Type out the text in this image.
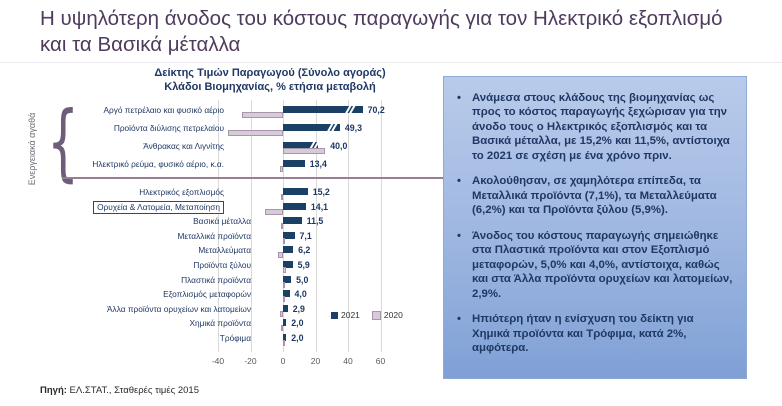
Η υψηλότερη άνοδος του κόστους παραγωγής για τον Ηλεκτρικό εξοπλισμό και τα Βασικά μέταλλα
Δείκτης Τιμών Παραγωγού (Σύνολο αγοράς)
Κλάδοι Βιομηχανίας, % ετήσια μεταβολή
Ενεργειακά αγαθά
{
Αργό πετρέλαιο και φυσικό αέριο	70,2
Προϊόντα διύλισης πετρελαίου	49,3
Άνθρακας και Λιγνίτης	40,0
Ηλεκτρικό ρεύμα, φυσικό αέριο, κ.α.	13,4
Ηλεκτρικός εξοπλισμός	15,2
Ορυχεία & Λατομεία, Μεταποίηση	14,1
Βασικά μέταλλα	11,5
Μεταλλικά προϊόντα	7,1
Μεταλλεύματα	6,2
Προϊόντα ξύλου	5,9
Πλαστικά προϊόντα	5,0
Εξοπλισμός μεταφορών	4,0
Άλλα προϊόντα ορυχείων και λατομείων	2,9
Χημικά προϊόντα	2,0
Τρόφιμα	2,0
-40	-20	0	20	40	60
2021	2020
Πηγή: ΕΛ.ΣΤΑΤ., Σταθερές τιμές 2015
• Ανάμεσα στους κλάδους της βιομηχανίας ως προς το κόστος παραγωγής ξεχώρισαν για την άνοδο τους ο Ηλεκτρικός εξοπλισμός και τα Βασικά μέταλλα, με 15,2% και 11,5%, αντίστοιχα το 2021 σε σχέση με ένα χρόνο πριν.
• Ακολούθησαν, σε χαμηλότερα επίπεδα, τα Μεταλλικά προϊόντα (7,1%), τα Μεταλλεύματα (6,2%) και τα Προϊόντα ξύλου (5,9%).
• Άνοδος του κόστους παραγωγής σημειώθηκε στα Πλαστικά προϊόντα και στον Εξοπλισμό μεταφορών, 5,0% και 4,0%, αντίστοιχα, καθώς και στα Άλλα προϊόντα ορυχείων και λατομείων, 2,9%.
• Ηπιότερη ήταν η ενίσχυση του δείκτη για Χημικά προϊόντα και Τρόφιμα, κατά 2%, αμφότερα.
